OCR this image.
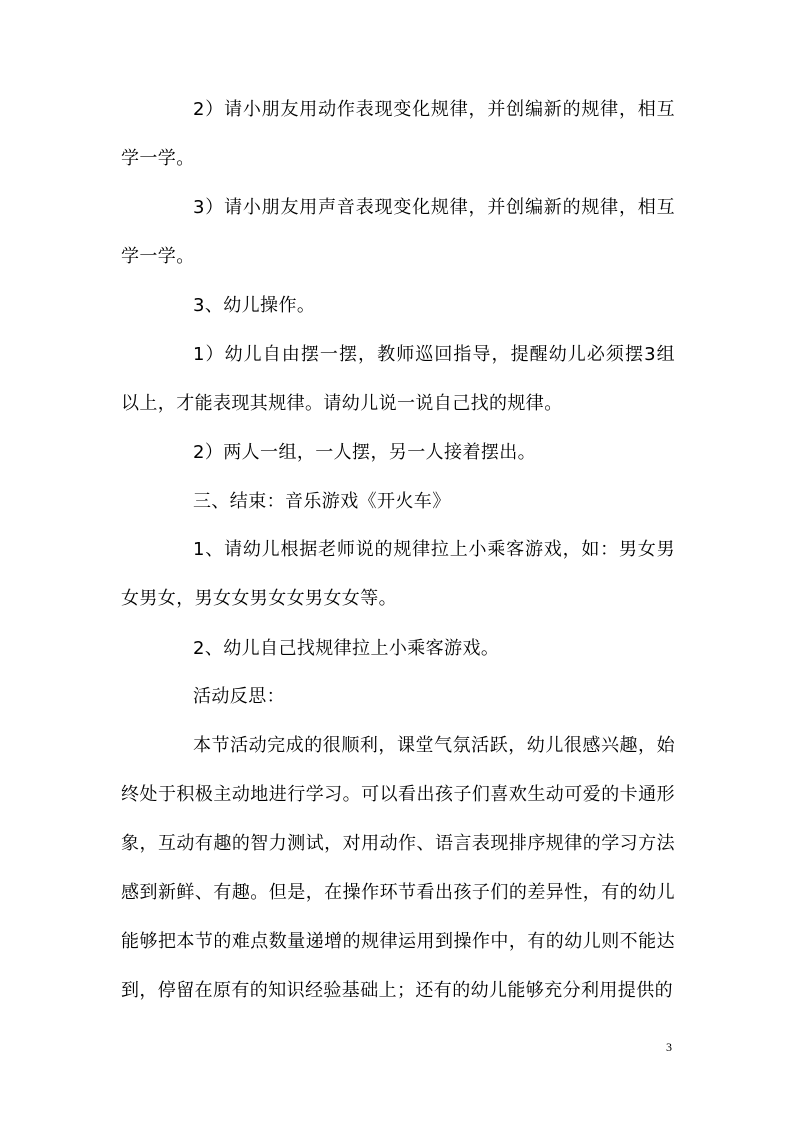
2）请小朋友用动作表现变化规律，并创编新的规律，相互学一学。

3）请小朋友用声音表现变化规律，并创编新的规律，相互学一学。

3、幼儿操作。

1）幼儿自由摆一摆，教师巡回指导，提醒幼儿必须摆3组以上，才能表现其规律。请幼儿说一说自己找的规律。

2）两人一组，一人摆，另一人接着摆出。

三、结束：音乐游戏《开火车》

1、请幼儿根据老师说的规律拉上小乘客游戏，如：男女男女男女，男女女男女女男女女等。

2、幼儿自己找规律拉上小乘客游戏。

活动反思：

本节活动完成的很顺利，课堂气氛活跃，幼儿很感兴趣，始终处于积极主动地进行学习。可以看出孩子们喜欢生动可爱的卡通形象，互动有趣的智力测试，对用动作、语言表现排序规律的学习方法感到新鲜、有趣。但是，在操作环节看出孩子们的差异性，有的幼儿能够把本节的难点数量递增的规律运用到操作中，有的幼儿则不能达到，停留在原有的知识经验基础上；还有的幼儿能够充分利用提供的

3
